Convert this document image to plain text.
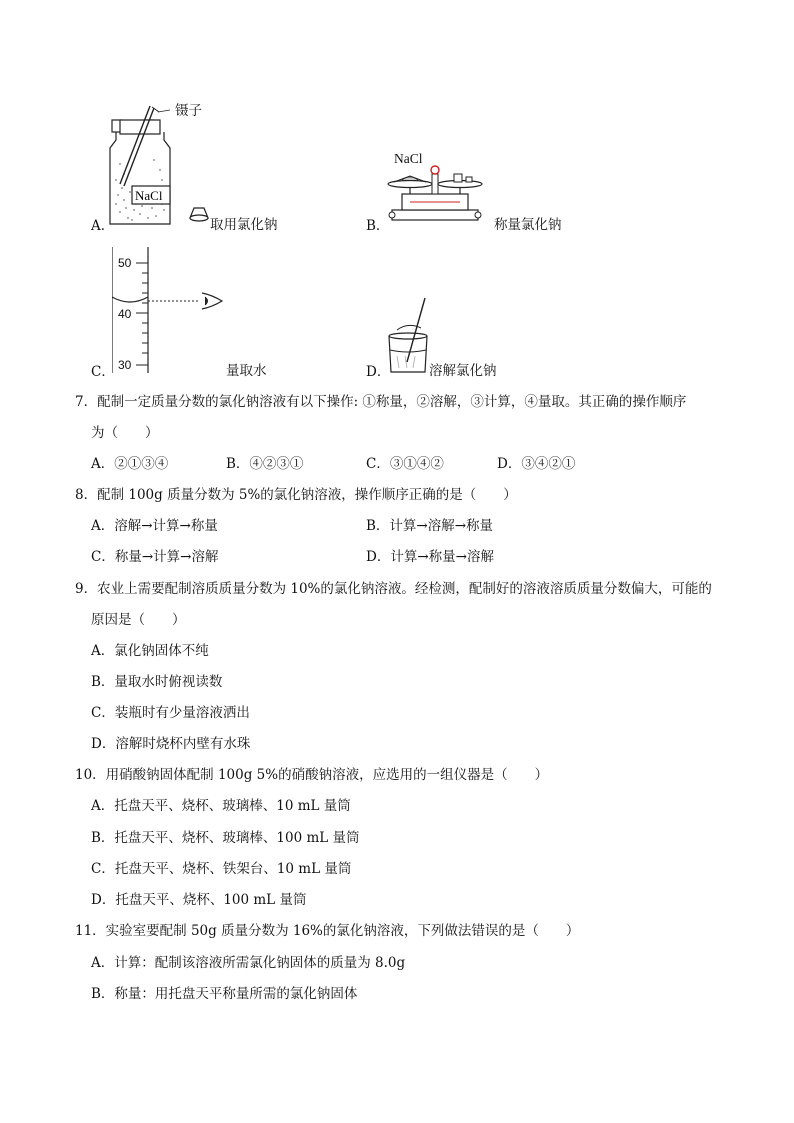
NaCl
镊子
A．	取用氯化钠
NaCl
B．	称量氯化钠
50
40
30
C．	量取水	D．	溶解氯化钠
7．配制一定质量分数的氯化钠溶液有以下操作: ①称量，②溶解，③计算，④量取。其正确的操作顺序
为（　　）
A．②①③④	B．④②③①	C．③①④②	D．③④②①
8．配制 100g 质量分数为 5%的氯化钠溶液，操作顺序正确的是（　　）
A．溶解→计算→称量	B．计算→溶解→称量
C．称量→计算→溶解	D．计算→称量→溶解
9．农业上需要配制溶质质量分数为 10%的氯化钠溶液。经检测，配制好的溶液溶质质量分数偏大，可能的
原因是（　　）
A．氯化钠固体不纯
B．量取水时俯视读数
C．装瓶时有少量溶液洒出
D．溶解时烧杯内壁有水珠
10．用硝酸钠固体配制 100g 5%的硝酸钠溶液，应选用的一组仪器是（　　）
A．托盘天平、烧杯、玻璃棒、10 mL 量筒
B．托盘天平、烧杯、玻璃棒、100 mL 量筒
C．托盘天平、烧杯、铁架台、10 mL 量筒
D．托盘天平、烧杯、100 mL 量筒
11．实验室要配制 50g 质量分数为 16%的氯化钠溶液，下列做法错误的是（　　）
A．计算：配制该溶液所需氯化钠固体的质量为 8.0g
B．称量：用托盘天平称量所需的氯化钠固体
